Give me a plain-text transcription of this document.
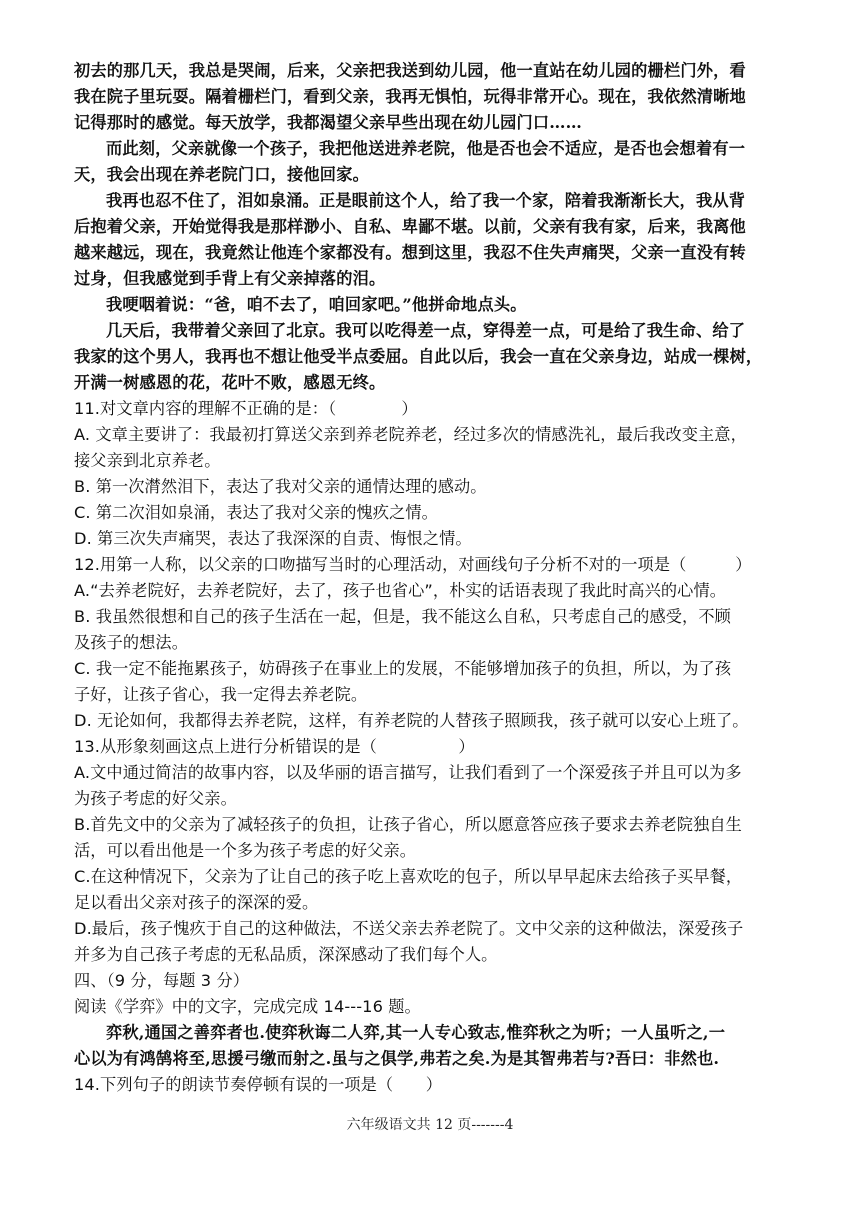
初去的那几天，我总是哭闹，后来，父亲把我送到幼儿园，他一直站在幼儿园的栅栏门外，看
我在院子里玩耍。隔着栅栏门，看到父亲，我再无惧怕，玩得非常开心。现在，我依然清晰地
记得那时的感觉。每天放学，我都渴望父亲早些出现在幼儿园门口……
而此刻，父亲就像一个孩子，我把他送进养老院，他是否也会不适应，是否也会想着有一
天，我会出现在养老院门口，接他回家。
我再也忍不住了，泪如泉涌。正是眼前这个人，给了我一个家，陪着我渐渐长大，我从背
后抱着父亲，开始觉得我是那样渺小、自私、卑鄙不堪。以前，父亲有我有家，后来，我离他
越来越远，现在，我竟然让他连个家都没有。想到这里，我忍不住失声痛哭，父亲一直没有转
过身，但我感觉到手背上有父亲掉落的泪。
我哽咽着说：“爸，咱不去了，咱回家吧。”他拼命地点头。
几天后，我带着父亲回了北京。我可以吃得差一点，穿得差一点，可是给了我生命、给了
我家的这个男人，我再也不想让他受半点委屈。自此以后，我会一直在父亲身边，站成一棵树，
开满一树感恩的花，花叶不败，感恩无终。
11.对文章内容的理解不正确的是：（　　　　）
A. 文章主要讲了：我最初打算送父亲到养老院养老，经过多次的情感洗礼，最后我改变主意，
接父亲到北京养老。
B. 第一次潸然泪下，表达了我对父亲的通情达理的感动。
C. 第二次泪如泉涌，表达了我对父亲的愧疚之情。
D. 第三次失声痛哭，表达了我深深的自责、悔恨之情。
12.用第一人称，以父亲的口吻描写当时的心理活动，对画线句子分析不对的一项是（　　　）
A.“去养老院好，去养老院好，去了，孩子也省心”，朴实的话语表现了我此时高兴的心情。
B. 我虽然很想和自己的孩子生活在一起，但是，我不能这么自私，只考虑自己的感受，不顾
及孩子的想法。
C. 我一定不能拖累孩子，妨碍孩子在事业上的发展，不能够增加孩子的负担，所以，为了孩
子好，让孩子省心，我一定得去养老院。
D. 无论如何，我都得去养老院，这样，有养老院的人替孩子照顾我，孩子就可以安心上班了。
13.从形象刻画这点上进行分析错误的是（　　　　　）
A.文中通过简洁的故事内容，以及华丽的语言描写，让我们看到了一个深爱孩子并且可以为多
为孩子考虑的好父亲。
B.首先文中的父亲为了减轻孩子的负担，让孩子省心，所以愿意答应孩子要求去养老院独自生
活，可以看出他是一个多为孩子考虑的好父亲。
C.在这种情况下，父亲为了让自己的孩子吃上喜欢吃的包子，所以早早起床去给孩子买早餐，
足以看出父亲对孩子的深深的爱。
D.最后，孩子愧疚于自己的这种做法，不送父亲去养老院了。文中父亲的这种做法，深爱孩子
并多为自己孩子考虑的无私品质，深深感动了我们每个人。
四、（9 分，每题 3 分）
阅读《学弈》中的文字，完成完成 14---16 题。
弈秋,通国之善弈者也.使弈秋诲二人弈,其一人专心致志,惟弈秋之为听；一人虽听之,一
心以为有鸿鹄将至,思援弓缴而射之.虽与之俱学,弗若之矣.为是其智弗若与?吾曰：非然也.
14.下列句子的朗读节奏停顿有误的一项是（　　）
六年级语文共 12 页-------4
